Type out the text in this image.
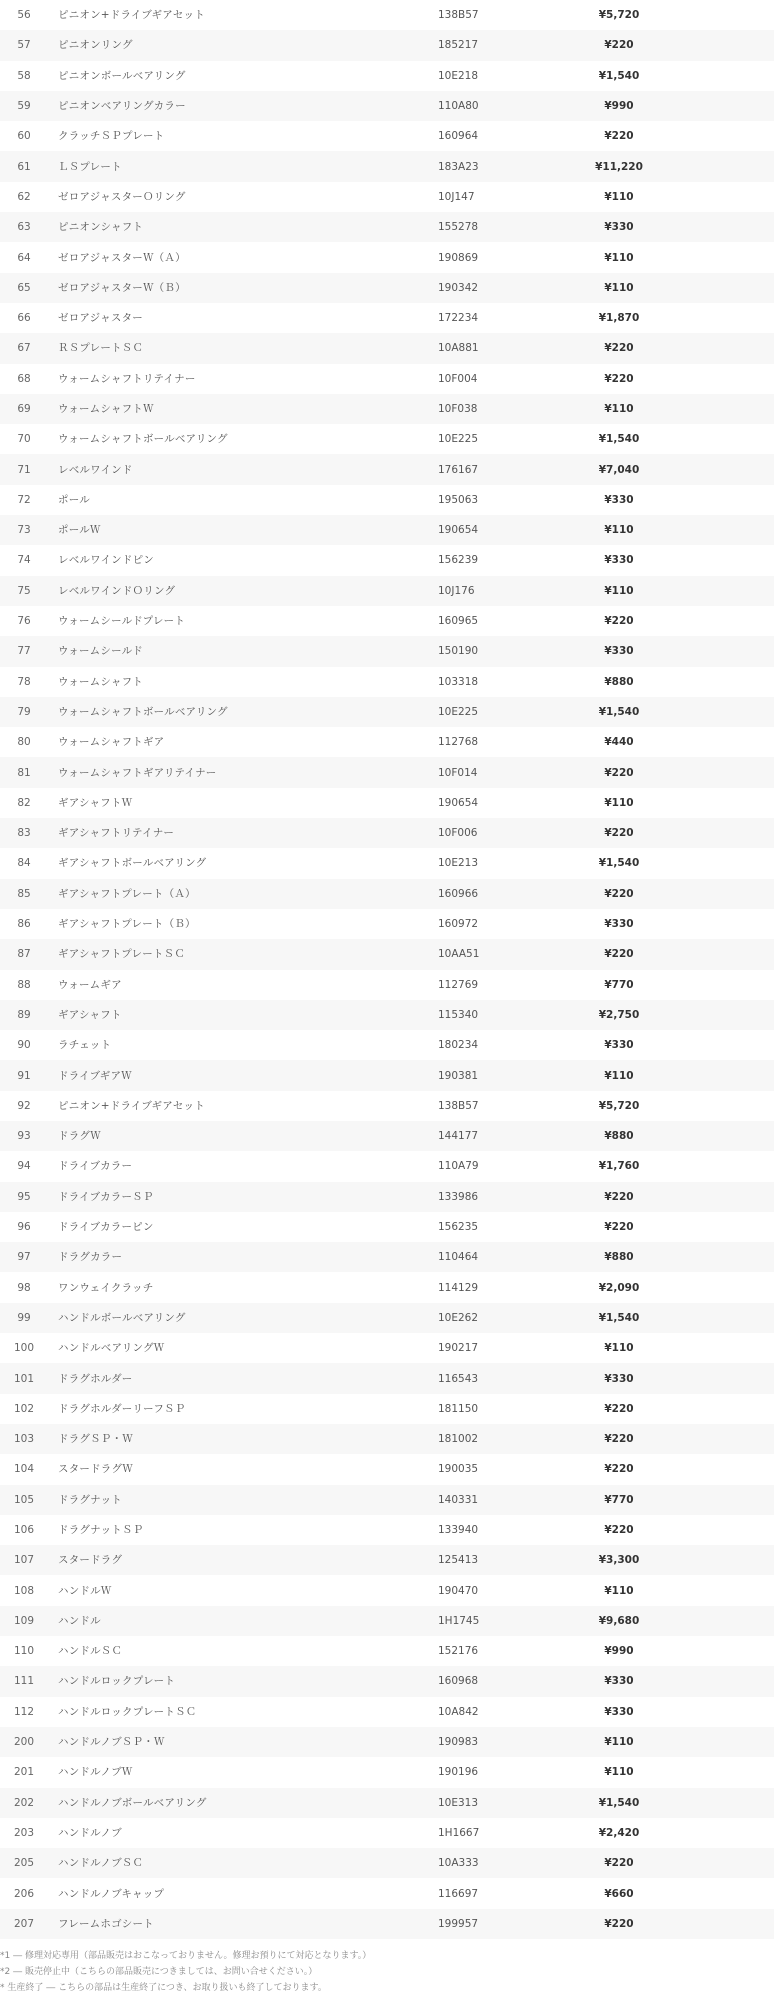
56	ピニオン+ドライブギアセット	138B57	¥5,720	
57	ピニオンリング	185217	¥220	
58	ピニオンボールベアリング	10E218	¥1,540	
59	ピニオンベアリングカラー	110A80	¥990	
60	クラッチＳＰプレート	160964	¥220	
61	ＬＳプレート	183A23	¥11,220	
62	ゼロアジャスターＯリング	10J147	¥110	
63	ピニオンシャフト	155278	¥330	
64	ゼロアジャスターＷ（Ａ）	190869	¥110	
65	ゼロアジャスターＷ（Ｂ）	190342	¥110	
66	ゼロアジャスター	172234	¥1,870	
67	ＲＳプレートＳＣ	10A881	¥220	
68	ウォームシャフトリテイナー	10F004	¥220	
69	ウォームシャフトＷ	10F038	¥110	
70	ウォームシャフトボールベアリング	10E225	¥1,540	
71	レベルワインド	176167	¥7,040	
72	ポール	195063	¥330	
73	ポールＷ	190654	¥110	
74	レベルワインドピン	156239	¥330	
75	レベルワインドＯリング	10J176	¥110	
76	ウォームシールドプレート	160965	¥220	
77	ウォームシールド	150190	¥330	
78	ウォームシャフト	103318	¥880	
79	ウォームシャフトボールベアリング	10E225	¥1,540	
80	ウォームシャフトギア	112768	¥440	
81	ウォームシャフトギアリテイナー	10F014	¥220	
82	ギアシャフトＷ	190654	¥110	
83	ギアシャフトリテイナー	10F006	¥220	
84	ギアシャフトボールベアリング	10E213	¥1,540	
85	ギアシャフトプレート（Ａ）	160966	¥220	
86	ギアシャフトプレート（Ｂ）	160972	¥330	
87	ギアシャフトプレートＳＣ	10AA51	¥220	
88	ウォームギア	112769	¥770	
89	ギアシャフト	115340	¥2,750	
90	ラチェット	180234	¥330	
91	ドライブギアＷ	190381	¥110	
92	ピニオン+ドライブギアセット	138B57	¥5,720	
93	ドラグＷ	144177	¥880	
94	ドライブカラー	110A79	¥1,760	
95	ドライブカラーＳＰ	133986	¥220	
96	ドライブカラーピン	156235	¥220	
97	ドラグカラー	110464	¥880	
98	ワンウェイクラッチ	114129	¥2,090	
99	ハンドルボールベアリング	10E262	¥1,540	
100	ハンドルベアリングＷ	190217	¥110	
101	ドラグホルダー	116543	¥330	
102	ドラグホルダーリーフＳＰ	181150	¥220	
103	ドラグＳＰ・Ｗ	181002	¥220	
104	スタードラグＷ	190035	¥220	
105	ドラグナット	140331	¥770	
106	ドラグナットＳＰ	133940	¥220	
107	スタードラグ	125413	¥3,300	
108	ハンドルＷ	190470	¥110	
109	ハンドル	1H1745	¥9,680	
110	ハンドルＳＣ	152176	¥990	
111	ハンドルロックプレート	160968	¥330	
112	ハンドルロックプレートＳＣ	10A842	¥330	
200	ハンドルノブＳＰ・Ｗ	190983	¥110	
201	ハンドルノブＷ	190196	¥110	
202	ハンドルノブボールベアリング	10E313	¥1,540	
203	ハンドルノブ	1H1667	¥2,420	
205	ハンドルノブＳＣ	10A333	¥220	
206	ハンドルノブキャップ	116697	¥660	
207	フレームホゴシート	199957	¥220	
*1 ― 修理対応専用（部品販売はおこなっておりません。修理お預りにて対応となります。）
*2 ― 販売停止中（こちらの部品販売につきましては、お問い合せください。）
* 生産終了 ― こちらの部品は生産終了につき、お取り扱いも終了しております。
